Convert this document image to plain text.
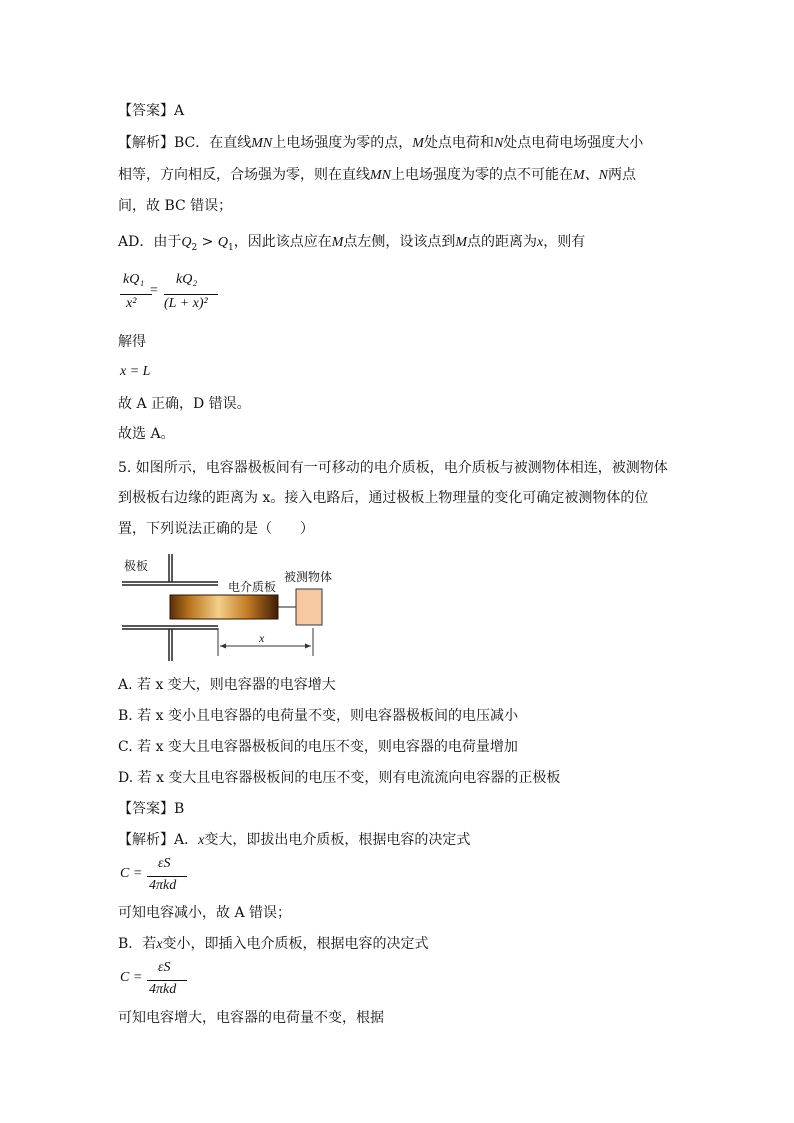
【答案】A
【解析】BC．在直线MN上电场强度为零的点，M处点电荷和N处点电荷电场强度大小
相等，方向相反，合场强为零，则在直线MN上电场强度为零的点不可能在M、N两点
间，故 BC 错误；
AD．由于$Q_2 > Q_1$，因此该点应在M点左侧，设该点到M点的距离为x，则有
kQ₁
x²
=
kQ₂
(L + x)²
解得
x = L
故 A 正确，D 错误。
故选 A。
5. 如图所示，电容器极板间有一可移动的电介质板，电介质板与被测物体相连，被测物体
到极板右边缘的距离为 x。接入电路后，通过极板上物理量的变化可确定被测物体的位
置，下列说法正确的是（　　）
极板
电介质板
被测物体
x
A. 若 x 变大，则电容器的电容增大
B. 若 x 变小且电容器的电荷量不变，则电容器极板间的电压减小
C. 若 x 变大且电容器极板间的电压不变，则电容器的电荷量增加
D. 若 x 变大且电容器极板间的电压不变，则有电流流向电容器的正极板
【答案】B
【解析】A．x变大，即拔出电介质板，根据电容的决定式
C =
εS
4πkd
可知电容减小，故 A 错误；
B．若x变小，即插入电介质板，根据电容的决定式
C =
εS
4πkd
可知电容增大，电容器的电荷量不变，根据
